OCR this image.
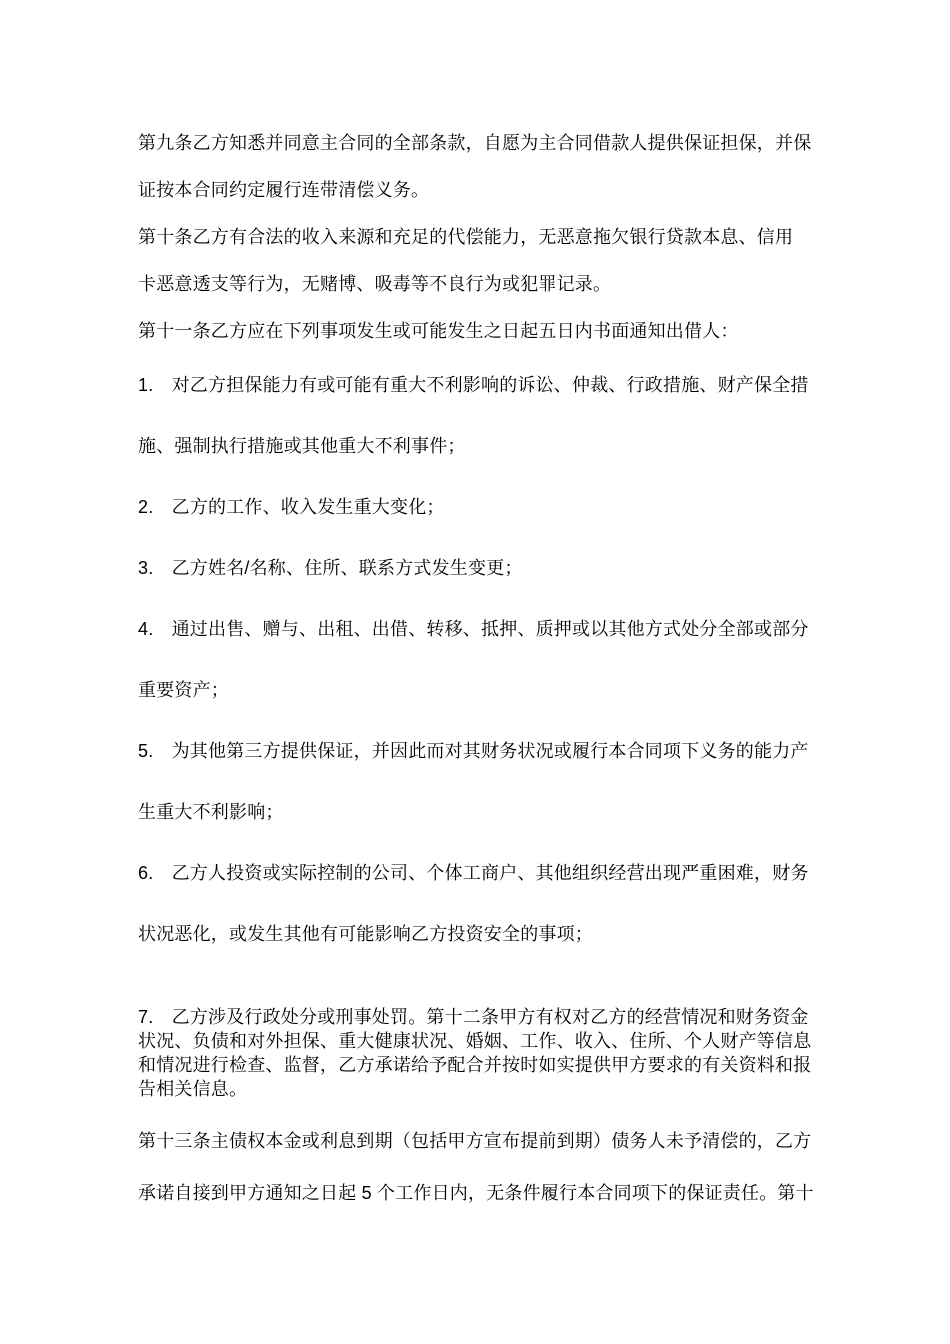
第九条乙方知悉并同意主合同的全部条款，自愿为主合同借款人提供保证担保，并保
证按本合同约定履行连带清偿义务。

第十条乙方有合法的收入来源和充足的代偿能力，无恶意拖欠银行贷款本息、信用
卡恶意透支等行为，无赌博、吸毒等不良行为或犯罪记录。

第十一条乙方应在下列事项发生或可能发生之日起五日内书面通知出借人：

1.　对乙方担保能力有或可能有重大不利影响的诉讼、仲裁、行政措施、财产保全措
施、强制执行措施或其他重大不利事件；

2.　乙方的工作、收入发生重大变化；

3.　乙方姓名/名称、住所、联系方式发生变更；

4.　通过出售、赠与、出租、出借、转移、抵押、质押或以其他方式处分全部或部分
重要资产；

5.　为其他第三方提供保证，并因此而对其财务状况或履行本合同项下义务的能力产
生重大不利影响；

6.　乙方人投资或实际控制的公司、个体工商户、其他组织经营出现严重困难，财务
状况恶化，或发生其他有可能影响乙方投资安全的事项；

7.　乙方涉及行政处分或刑事处罚。第十二条甲方有权对乙方的经营情况和财务资金
状况、负债和对外担保、重大健康状况、婚姻、工作、收入、住所、个人财产等信息
和情况进行检查、监督，乙方承诺给予配合并按时如实提供甲方要求的有关资料和报
告相关信息。

第十三条主债权本金或利息到期（包括甲方宣布提前到期）债务人未予清偿的，乙方
承诺自接到甲方通知之日起 5 个工作日内，无条件履行本合同项下的保证责任。第十
